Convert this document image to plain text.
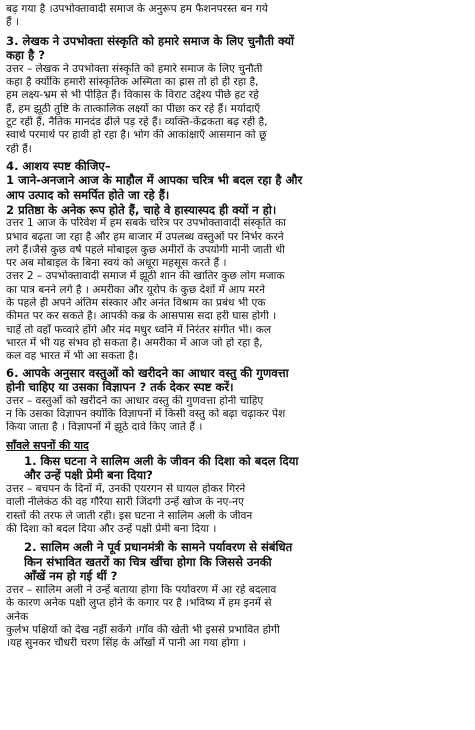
बढ़ गया है ।उपभोक्तावादी समाज के अनुरूप हम फैशनपरस्त बन गये
हैं ।
3. लेखक ने उपभोक्ता संस्कृति को हमारे समाज के लिए चुनौती क्यों
कहा है ?
उत्तर – लेखक ने उपभोक्ता संस्कृति को हमारे समाज के लिए चुनौती
कहा है क्योंकि हमारी सांस्कृतिक अस्मिता का ह्रास तो हो ही रहा है,
हम लक्ष्य-भ्रम से भी पीड़ित हैं। विकास के विराट उद्देश्य पीछे हट रहे
हैं, हम झूठी तुष्टि के तात्कालिक लक्ष्यों का पीछा कर रहे हैं। मर्यादाएँ
टूट रही हैं, नैतिक मानदंड ढीले पड़ रहे हैं। व्यक्ति-केंद्रकता बढ़ रही है,
स्वार्थ परमार्थ पर हावी हो रहा है। भोग की आकांक्षाएँ आसमान को छू
रही हैं।
4. आशय स्पष्ट कीजिए–
1 जाने-अनजाने आज के माहौल में आपका चरित्र भी बदल रहा है और
आप उत्पाद को समर्पित होते जा रहे हैं।
2 प्रतिष्ठा के अनेक रूप होते हैं, चाहे वे हास्यास्पद ही क्यों न हो।
उत्तर 1 आज के परिवेश में हम सबके चरित्र पर उपभोक्तावादी संस्कृति का
प्रभाव बढ़ता जा रहा है और हम बाजार में उपलब्ध वस्तुओं पर निर्भर करने
लगे हैं।जैसे कुछ वर्ष पहले मोबाइल कुछ अमीरों के उपयोगी मानी जाती थी
पर अब मोबाइल के बिना स्वयं को अधूरा महसूस करते हैं ।
उत्तर 2 – उपभोक्तावादी समाज में झूठी शान की खातिर कुछ लोग मजाक
का पात्र बनने लगे है । अमरीका और यूरोप के कुछ देशों में आप मरने
के पहले ही अपने अंतिम संस्कार और अनंत विश्राम का प्रबंध भी एक
कीमत पर कर सकते है। आपकी कब्र के आसपास सदा हरी घास होगी ।
चाहें तो वहाँ फव्वारे होंगे और मंद मधुर ध्वनि में निरंतर संगीत भी। कल
भारत में भी यह संभव हो सकता है। अमरीका में आज जो हो रहा है,
कल वह भारत में भी आ सकता है।
6. आपके अनुसार वस्तुओं को खरीदने का आधार वस्तु की गुणवत्ता
होनी चाहिए या उसका विज्ञापन ? तर्क देकर स्पष्ट करें।
उत्तर – वस्तुओं को खरीदने का आधार वस्तु की गुणवत्ता होनी चाहिए
न कि उसका विज्ञापन क्योंकि विज्ञापनों में किसी वस्तु को बढ़ा चढ़ाकर पेश
किया जाता है । विज्ञापनों में झूठे दावे किए जाते हैं ।
साँवले सपनों की याद
1. किस घटना ने सालिम अली के जीवन की दिशा को बदल दिया
और उन्हें पक्षी प्रेमी बना दिया?
उत्तर – बचपन के दिनों में, उनकी एयरगन से घायल होकर गिरने
वाली नीलेकंठ की वह गौरैया सारी जिंदगी उन्हें खोज के नए-नए
रास्तों की तरफ ले जाती रही। इस घटना ने सालिम अली के जीवन
की दिशा को बदल दिया और उन्हें पक्षी प्रेमी बना दिया ।
2. सालिम अली ने पूर्व प्रधानमंत्री के सामने पर्यावरण से संबंधित
किन संभावित खतरों का चित्र खींचा होगा कि जिससे उनकी
आँखें नम हो गई थीं ?
उत्तर – सालिम अली ने उन्हें बताया होगा कि पर्यावरण में आ रहे बदलाव
के कारण अनेक पक्षी लुप्त होने के कगार पर है ।भविष्य में हम इनमें से
अनेक
कुर्लभ पक्षियों को देख नहीं सकेंगे ।गाँव की खेती भी इससे प्रभावित होगी
।यह सुनकर चौधरी चरण सिंह के आँखों में पानी आ गया होगा ।
